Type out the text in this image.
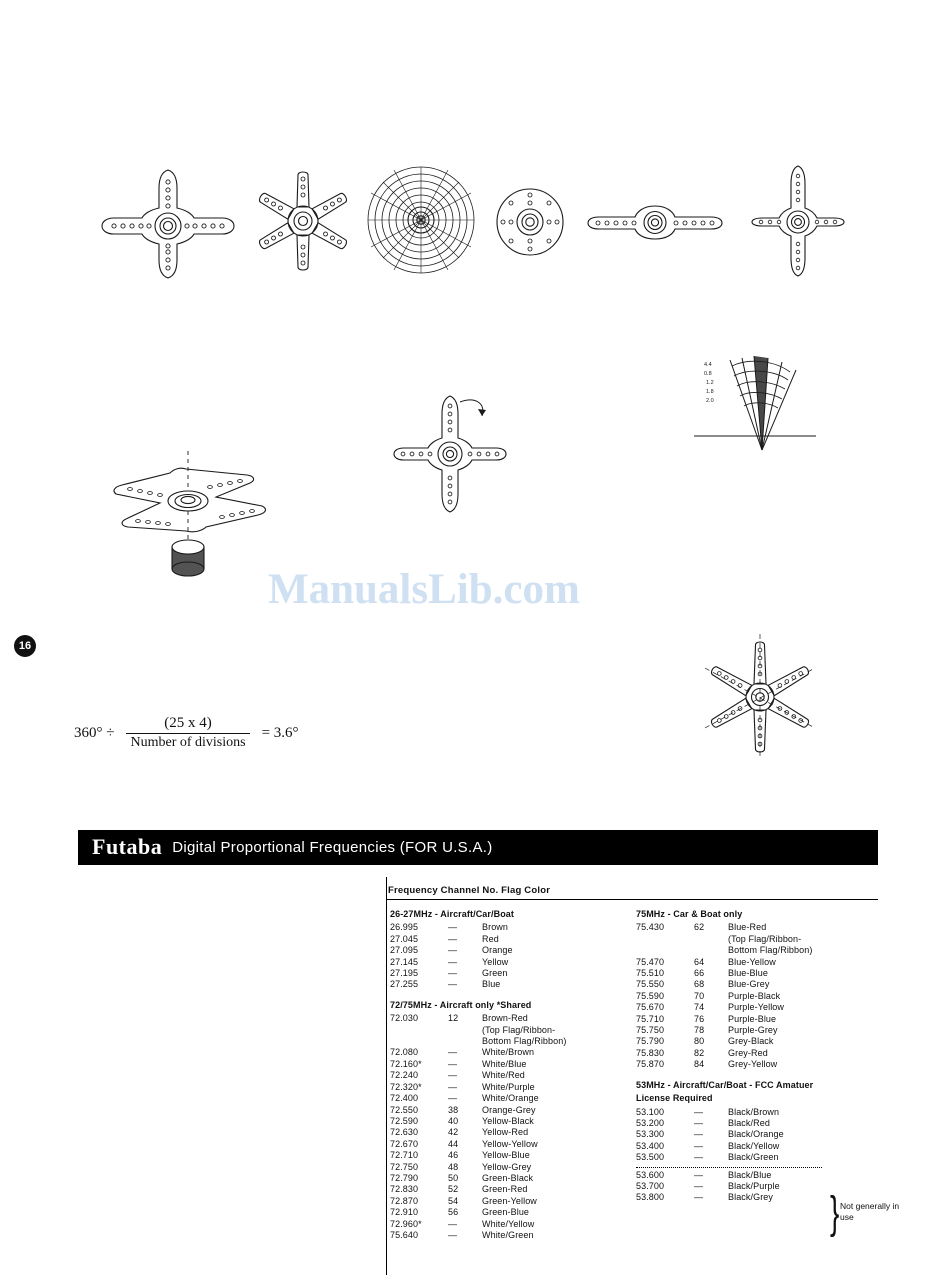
4.4
0.8
1.2
1.8
2.0
ManualsLib.com
16
$360^\circ \div \frac{(25 x 4)}{\text{Number of divisions}} = 3.6^\circ$
Futaba Digital Proportional Frequencies (FOR U.S.A.)
Frequency Channel No. Flag Color
26-27MHz - Aircraft/Car/Boat
26.995	—	Brown
27.045	—	Red
27.095	—	Orange
27.145	—	Yellow
27.195	—	Green
27.255	—	Blue
72/75MHz - Aircraft only *Shared
72.030	12	Brown-Red
(Top Flag/Ribbon-
Bottom Flag/Ribbon)
72.080	—	White/Brown
72.160*	—	White/Blue
72.240	—	White/Red
72.320*	—	White/Purple
72.400	—	White/Orange
72.550	38	Orange-Grey
72.590	40	Yellow-Black
72.630	42	Yellow-Red
72.670	44	Yellow-Yellow
72.710	46	Yellow-Blue
72.750	48	Yellow-Grey
72.790	50	Green-Black
72.830	52	Green-Red
72.870	54	Green-Yellow
72.910	56	Green-Blue
72.960*	—	White/Yellow
75.640	—	White/Green
75MHz - Car & Boat only
75.430	62	Blue-Red
(Top Flag/Ribbon-
Bottom Flag/Ribbon)
75.470	64	Blue-Yellow
75.510	66	Blue-Blue
75.550	68	Blue-Grey
75.590	70	Purple-Black
75.670	74	Purple-Yellow
75.710	76	Purple-Blue
75.750	78	Purple-Grey
75.790	80	Grey-Black
75.830	82	Grey-Red
75.870	84	Grey-Yellow
53MHz - Aircraft/Car/Boat - FCC Amatuer
License Required
53.100	—	Black/Brown
53.200	—	Black/Red
53.300	—	Black/Orange
53.400	—	Black/Yellow
53.500	—	Black/Green
53.600	—	Black/Blue
53.700	—	Black/Purple
53.800	—	Black/Grey
Not generally in use
}
